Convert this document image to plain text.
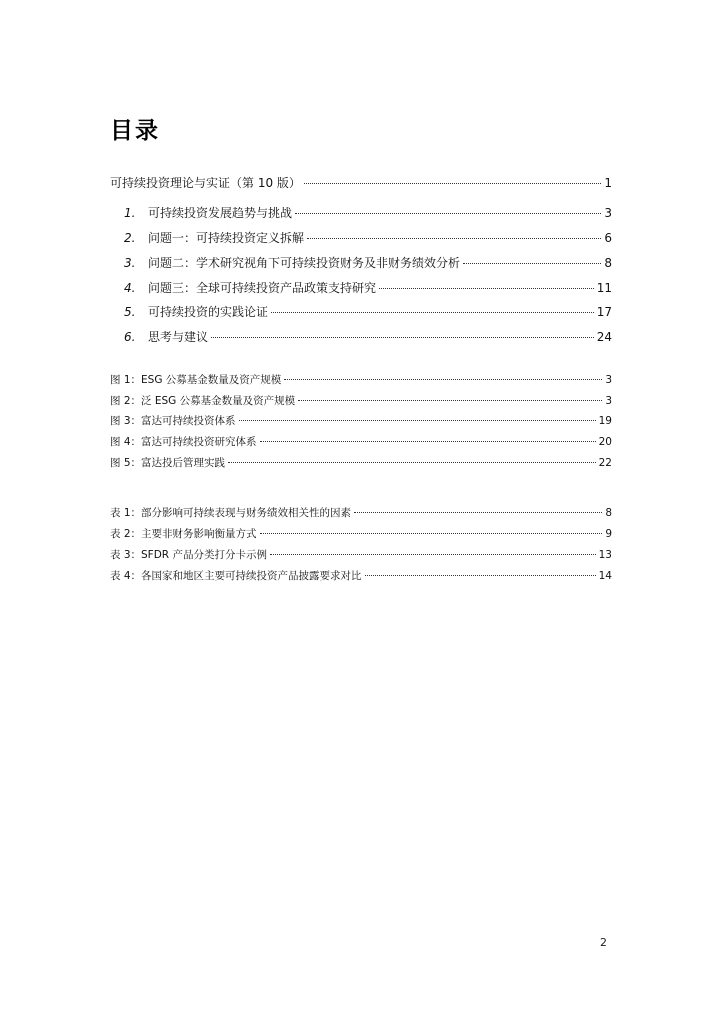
目录
可持续投资理论与实证（第 10 版）	1
1.	可持续投资发展趋势与挑战	3
2.	问题一：可持续投资定义拆解	6
3.	问题二：学术研究视角下可持续投资财务及非财务绩效分析	8
4.	问题三：全球可持续投资产品政策支持研究	11
5.	可持续投资的实践论证	17
6.	思考与建议	24
图 1：ESG 公募基金数量及资产规模	3
图 2：泛 ESG 公募基金数量及资产规模	3
图 3：富达可持续投资体系	19
图 4：富达可持续投资研究体系	20
图 5：富达投后管理实践	22
表 1：部分影响可持续表现与财务绩效相关性的因素	8
表 2：主要非财务影响衡量方式	9
表 3：SFDR 产品分类打分卡示例	13
表 4：各国家和地区主要可持续投资产品披露要求对比	14
2
